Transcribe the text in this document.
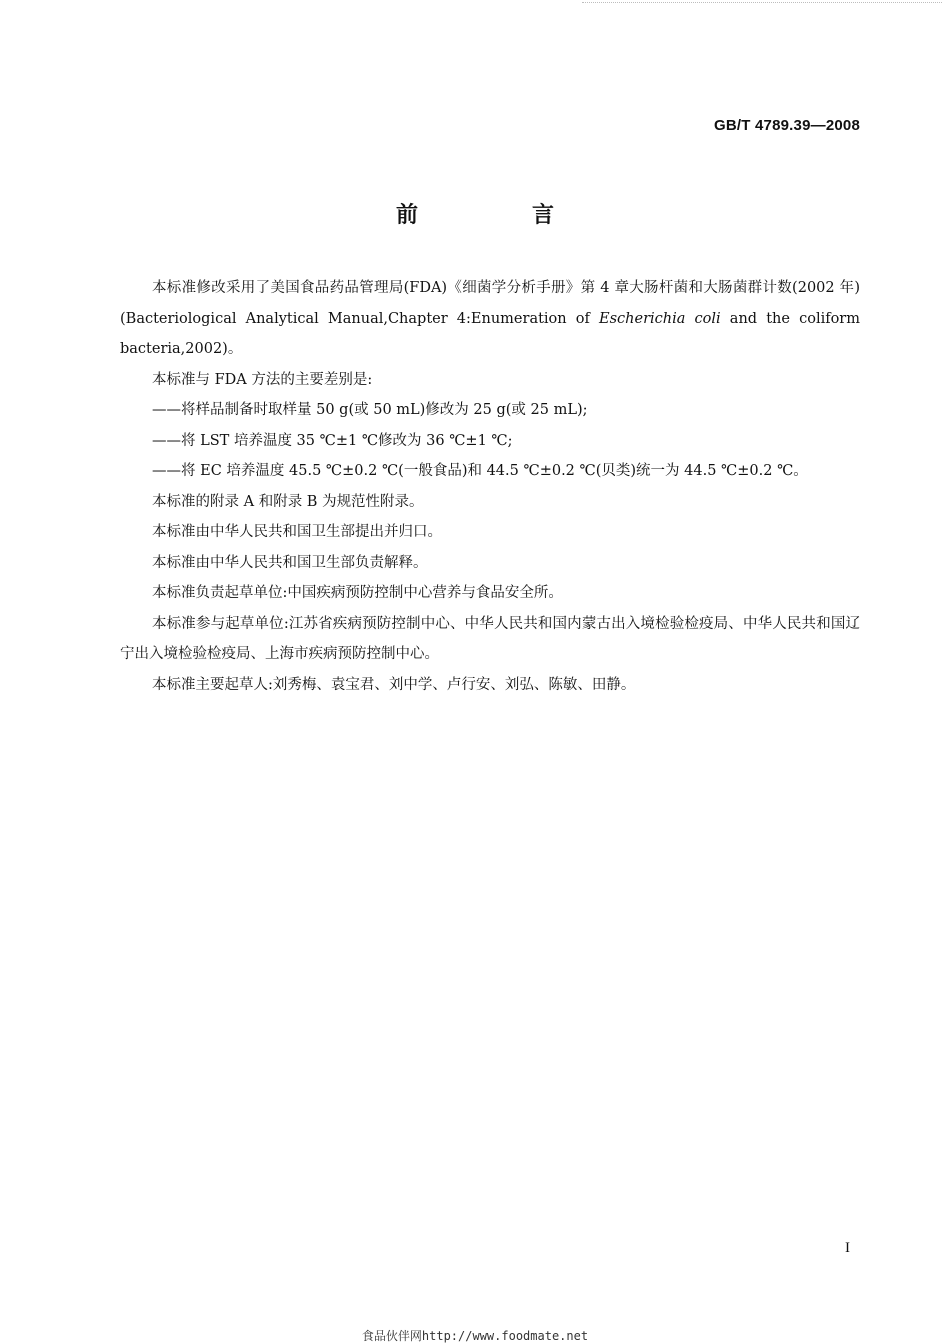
GB/T 4789.39—2008
前　言

本标准修改采用了美国食品药品管理局(FDA)《细菌学分析手册》第 4 章大肠杆菌和大肠菌群计数(2002 年)(Bacteriological Analytical Manual,Chapter 4:Enumeration of Escherichia coli and the coliform bacteria,2002)。

本标准与 FDA 方法的主要差别是:

——将样品制备时取样量 50 g(或 50 mL)修改为 25 g(或 25 mL);

——将 LST 培养温度 35 ℃±1 ℃修改为 36 ℃±1 ℃;

——将 EC 培养温度 45.5 ℃±0.2 ℃(一般食品)和 44.5 ℃±0.2 ℃(贝类)统一为 44.5 ℃±0.2 ℃。

本标准的附录 A 和附录 B 为规范性附录。

本标准由中华人民共和国卫生部提出并归口。

本标准由中华人民共和国卫生部负责解释。

本标准负责起草单位:中国疾病预防控制中心营养与食品安全所。

本标准参与起草单位:江苏省疾病预防控制中心、中华人民共和国内蒙古出入境检验检疫局、中华人民共和国辽宁出入境检验检疫局、上海市疾病预防控制中心。

本标准主要起草人:刘秀梅、袁宝君、刘中学、卢行安、刘弘、陈敏、田静。

I
食品伙伴网http://www.foodmate.net
